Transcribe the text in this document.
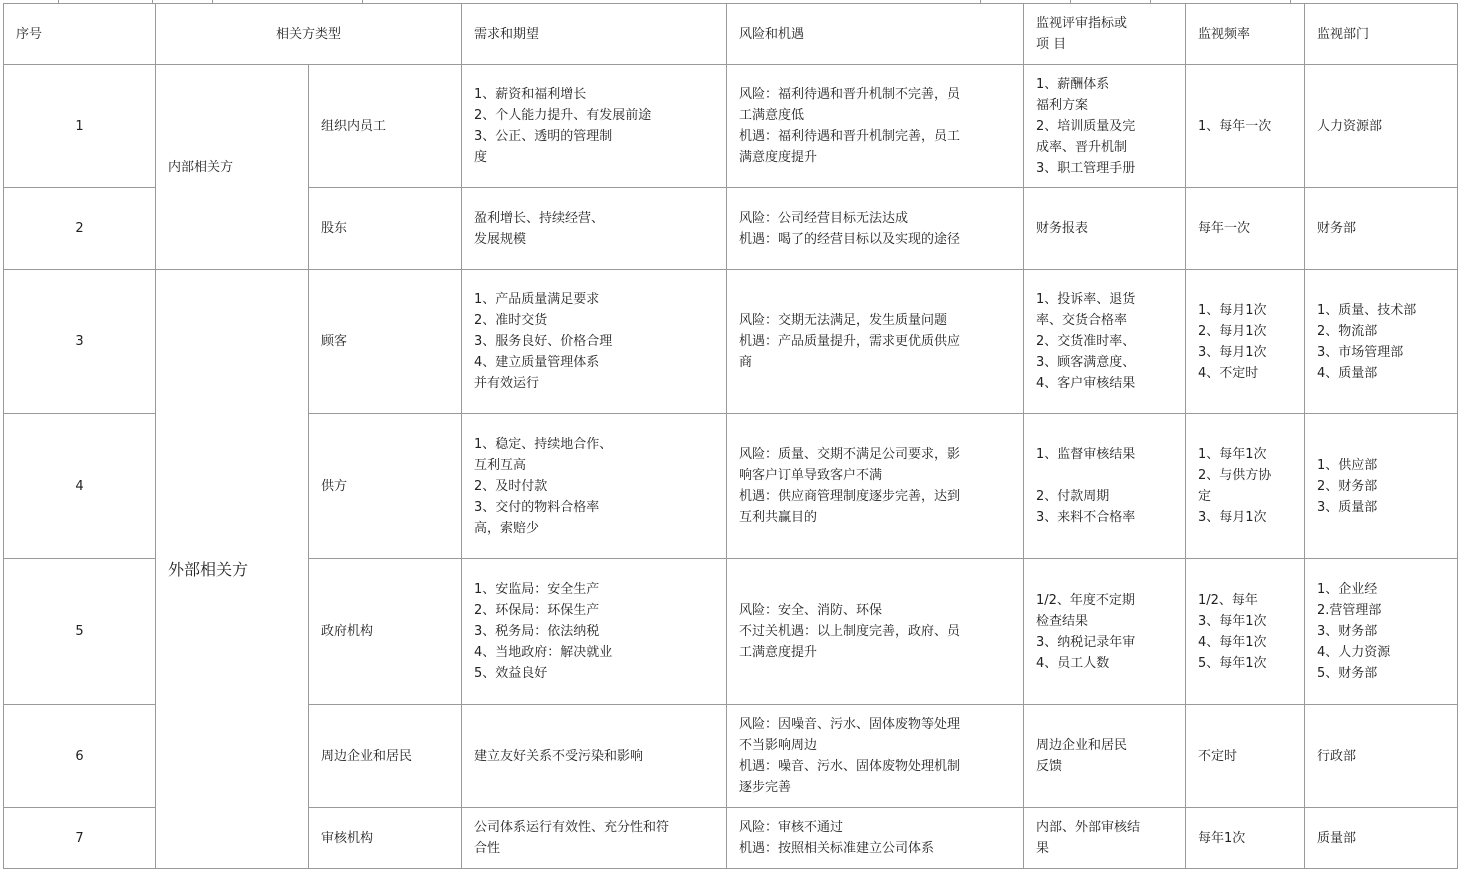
序号	相关方类型		需求和期望	风险和机遇	监视评审指标或
项 目	监视频率	监视部门
1	内部相关方	组织内员工	1、薪资和福利增长
2、个人能力提升、有发展前途
3、公正、透明的管理制
度	风险：福利待遇和晋升机制不完善，员
工满意度低
机遇：福利待遇和晋升机制完善，员工
满意度度提升	1、薪酬体系
福利方案
2、培训质量及完
成率、晋升机制
3、职工管理手册	1、每年一次	人力资源部
2		股东	盈利增长、持续经营、
发展规模	风险：公司经营目标无法达成
机遇：喝了的经营目标以及实现的途径	财务报表	每年一次	财务部
3	外部相关方	顾客	1、产品质量满足要求
2、准时交货
3、服务良好、价格合理
4、建立质量管理体系
并有效运行	风险：交期无法满足，发生质量问题
机遇：产品质量提升，需求更优质供应
商	1、投诉率、退货
率、交货合格率
2、交货准时率、
3、顾客满意度、
4、客户审核结果	1、每月1次
2、每月1次
3、每月1次
4、不定时	1、质量、技术部
2、物流部
3、市场管理部
4、质量部
4		供方	1、稳定、持续地合作、
互利互高
2、及时付款
3、交付的物料合格率
高，索赔少	风险：质量、交期不满足公司要求，影
响客户订单导致客户不满
机遇：供应商管理制度逐步完善，达到
互利共赢目的	1、监督审核结果

2、付款周期
3、来料不合格率	1、每年1次
2、与供方协
定
3、每月1次	1、供应部
2、财务部
3、质量部
5		政府机构	1、安监局：安全生产
2、环保局：环保生产
3、税务局：依法纳税
4、当地政府：解决就业
5、效益良好	风险：安全、消防、环保
不过关机遇：以上制度完善，政府、员
工满意度提升	1/2、年度不定期
检查结果
3、纳税记录年审
4、员工人数	1/2、每年
3、每年1次
4、每年1次
5、每年1次	1、企业经
2.营管理部
3、财务部
4、人力资源
5、财务部
6		周边企业和居民	建立友好关系不受污染和影响	风险：因噪音、污水、固体废物等处理
不当影响周边
机遇：噪音、污水、固体废物处理机制
逐步完善	周边企业和居民
反馈	不定时	行政部
7		审核机构	公司体系运行有效性、充分性和符
合性	风险：审核不通过
机遇：按照相关标准建立公司体系	内部、外部审核结
果	每年1次	质量部
